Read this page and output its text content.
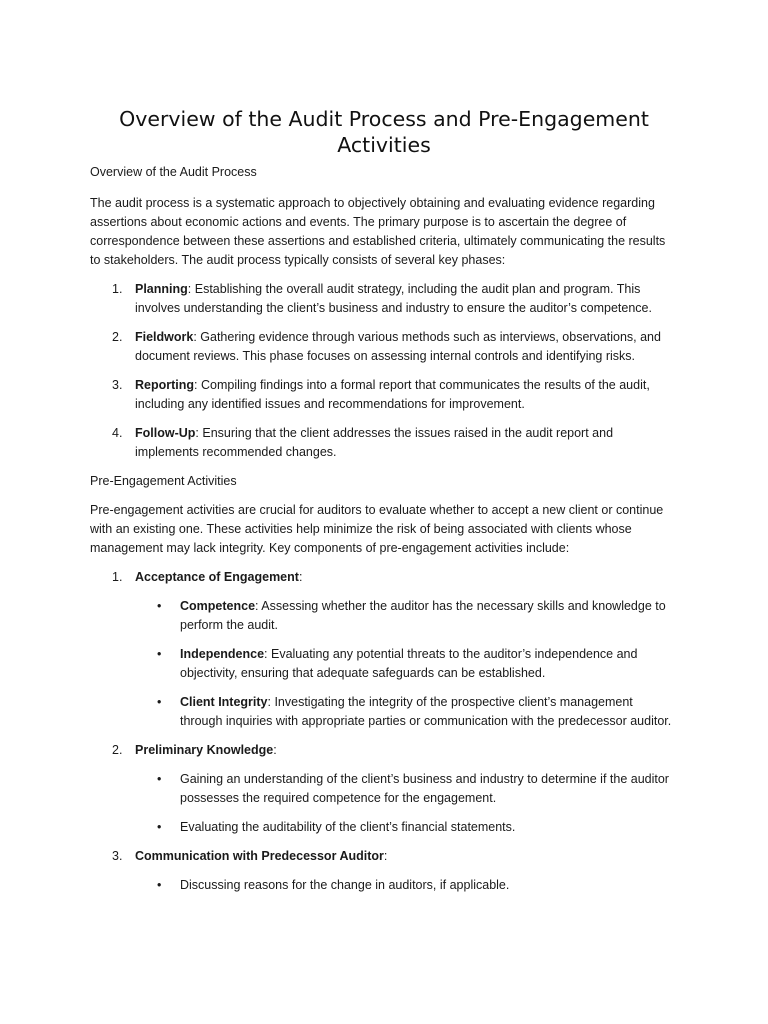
Overview of the Audit Process and Pre-Engagement Activities

Overview of the Audit Process

The audit process is a systematic approach to objectively obtaining and evaluating evidence regarding assertions about economic actions and events. The primary purpose is to ascertain the degree of correspondence between these assertions and established criteria, ultimately communicating the results to stakeholders. The audit process typically consists of several key phases:

1. Planning: Establishing the overall audit strategy, including the audit plan and program. This involves understanding the client’s business and industry to ensure the auditor’s competence.
2. Fieldwork: Gathering evidence through various methods such as interviews, observations, and document reviews. This phase focuses on assessing internal controls and identifying risks.
3. Reporting: Compiling findings into a formal report that communicates the results of the audit, including any identified issues and recommendations for improvement.
4. Follow-Up: Ensuring that the client addresses the issues raised in the audit report and implements recommended changes.

Pre-Engagement Activities

Pre-engagement activities are crucial for auditors to evaluate whether to accept a new client or continue with an existing one. These activities help minimize the risk of being associated with clients whose management may lack integrity. Key components of pre-engagement activities include:

1. Acceptance of Engagement:
• Competence: Assessing whether the auditor has the necessary skills and knowledge to perform the audit.
• Independence: Evaluating any potential threats to the auditor’s independence and objectivity, ensuring that adequate safeguards can be established.
• Client Integrity: Investigating the integrity of the prospective client’s management through inquiries with appropriate parties or communication with the predecessor auditor.
2. Preliminary Knowledge:
• Gaining an understanding of the client’s business and industry to determine if the auditor possesses the required competence for the engagement.
• Evaluating the auditability of the client’s financial statements.
3. Communication with Predecessor Auditor:
• Discussing reasons for the change in auditors, if applicable.
